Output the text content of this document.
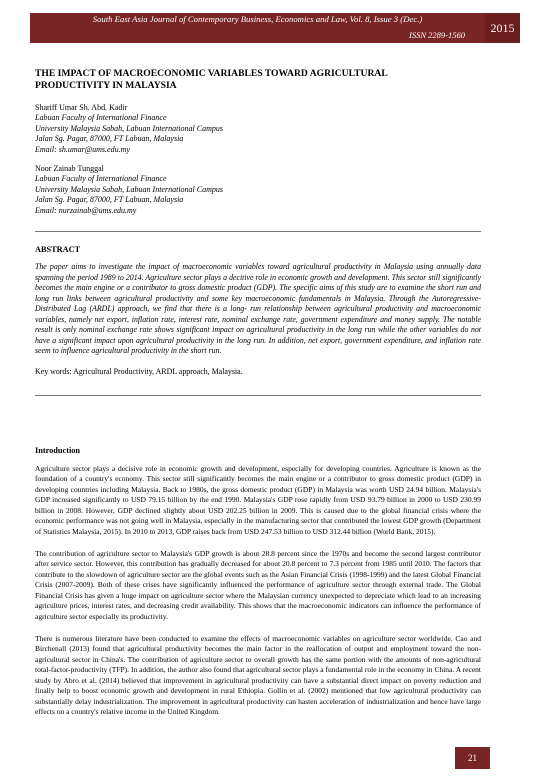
South East Asia Journal of Contemporary Business, Economics and Law, Vol. 8, Issue 3 (Dec.)
ISSN 2289-1560	2015
THE IMPACT OF MACROECONOMIC VARIABLES TOWARD AGRICULTURAL
PRODUCTIVITY IN MALAYSIA
Shariff Umar Sh. Abd. Kadir
Labuan Faculty of International Finance
University Malaysia Sabah, Labuan International Campus
Jalan Sg. Pagar, 87000, FT Labuan, Malaysia
Email: sh.umar@ums.edu.my
Noor Zainab Tunggal
Labuan Faculty of International Finance
University Malaysia Sabah, Labuan International Campus
Jalan Sg. Pagar, 87000, FT Labuan, Malaysia
Email: nurzainab@ums.edu.my
ABSTRACT

The paper aims to investigate the impact of macroeconomic variables toward agricultural productivity in Malaysia using annually data spanning the period 1989 to 2014. Agriculture sector plays a decitive role in economic growth and development. This sector still significantly becomes the main engine or a contributor to gross domestic product (GDP). The specific aims of this study are to examine the short run and long run links between agricultural productivity and some key macroeconomic fundamentals in Malaysia. Through the Autoregressive-Distributed Lag (ARDL) approach, we find that there is a long- run relationship between agricultural productivity and macroeconomic variables, namely net export, inflation rate, interest rate, nominal exchange rate, government expenditure and money supply. The notable result is only nominal exchange rate shows significant impact on agricultural productivity in the long run while the other variables do not have a significant impact upon agricultural productivity in the long run. In addition, net export, government expenditure, and inflation rate seem to influence agricultural productivity in the short run.

Key words: Agricultural Productivity, ARDL approach, Malaysia.
Introduction

Agriculture sector plays a decisive role in economic growth and development, especially for developing countries. Agriculture is known as the foundation of a country's economy. This sector still significantly becomes the main engine or a contributor to gross domestic product (GDP) in developing countries including Malaysia. Back to 1980s, the gross domestic product (GDP) in Malaysia was worth USD 24.94 billion. Malaysia's GDP increased significantly to USD 79.15 billion by the end 1990. Malaysia's GDP rose rapidly from USD 93.79 billion in 2000 to USD 230.99 billion in 2008. However, GDP declined slightly about USD 202.25 billion in 2009. This is caused due to the global financial crisis where the economic performance was not going well in Malaysia, especially in the manufacturing sector that contributed the lowest GDP growth (Department of Statistics Malaysia, 2015). In 2010 to 2013, GDP raises back from USD 247.53 billion to USD 312.44 billion (World Bank, 2015).

The contribution of agriculture sector to Malaysia's GDP growth is about 28.8 percent since the 1970s and become the second largest contributor after service sector. However, this contribution has gradually decreased for about 20.8 percent to 7.3 percent from 1985 until 2010. The factors that contribute to the slowdown of agriculture sector are the global events such as the Asian Financial Crisis (1998-1999) and the latest Global Financial Crisis (2007-2009). Both of these crises have significantly influenced the performance of agriculture sector through external trade. The Global Financial Crisis has given a huge impact on agriculture sector where the Malaysian currency unexpected to depreciate which lead to an increasing agriculture prices, interest rates, and decreasing credit availability. This shows that the macroeconomic indicators can influence the performance of agriculture sector especially its productivity.

There is numerous literature have been conducted to examine the effects of macroeconomic variables on agriculture sector worldwide. Cao and Birchenall (2013) found that agricultural productivity becomes the main factor in the reallocation of output and employment toward the non-agricultural sector in China's. The contribution of agriculture sector to overall growth has the same portion with the amounts of non-agricultural total-factor-productivity (TFP). In addition, the author also found that agricultural sector plays a fundamental role in the economy in China. A recent study by Abro et al. (2014) believed that improvement in agricultural productivity can have a substantial direct impact on poverty reduction and finally help to boost economic growth and development in rural Ethiopia. Gollin et al. (2002) mentioned that low agricultural productivity can substantially delay industrialization. The improvement in agricultural productivity can hasten acceleration of industrialization and hence have large effects on a country's relative income in the United Kingdom.

21
